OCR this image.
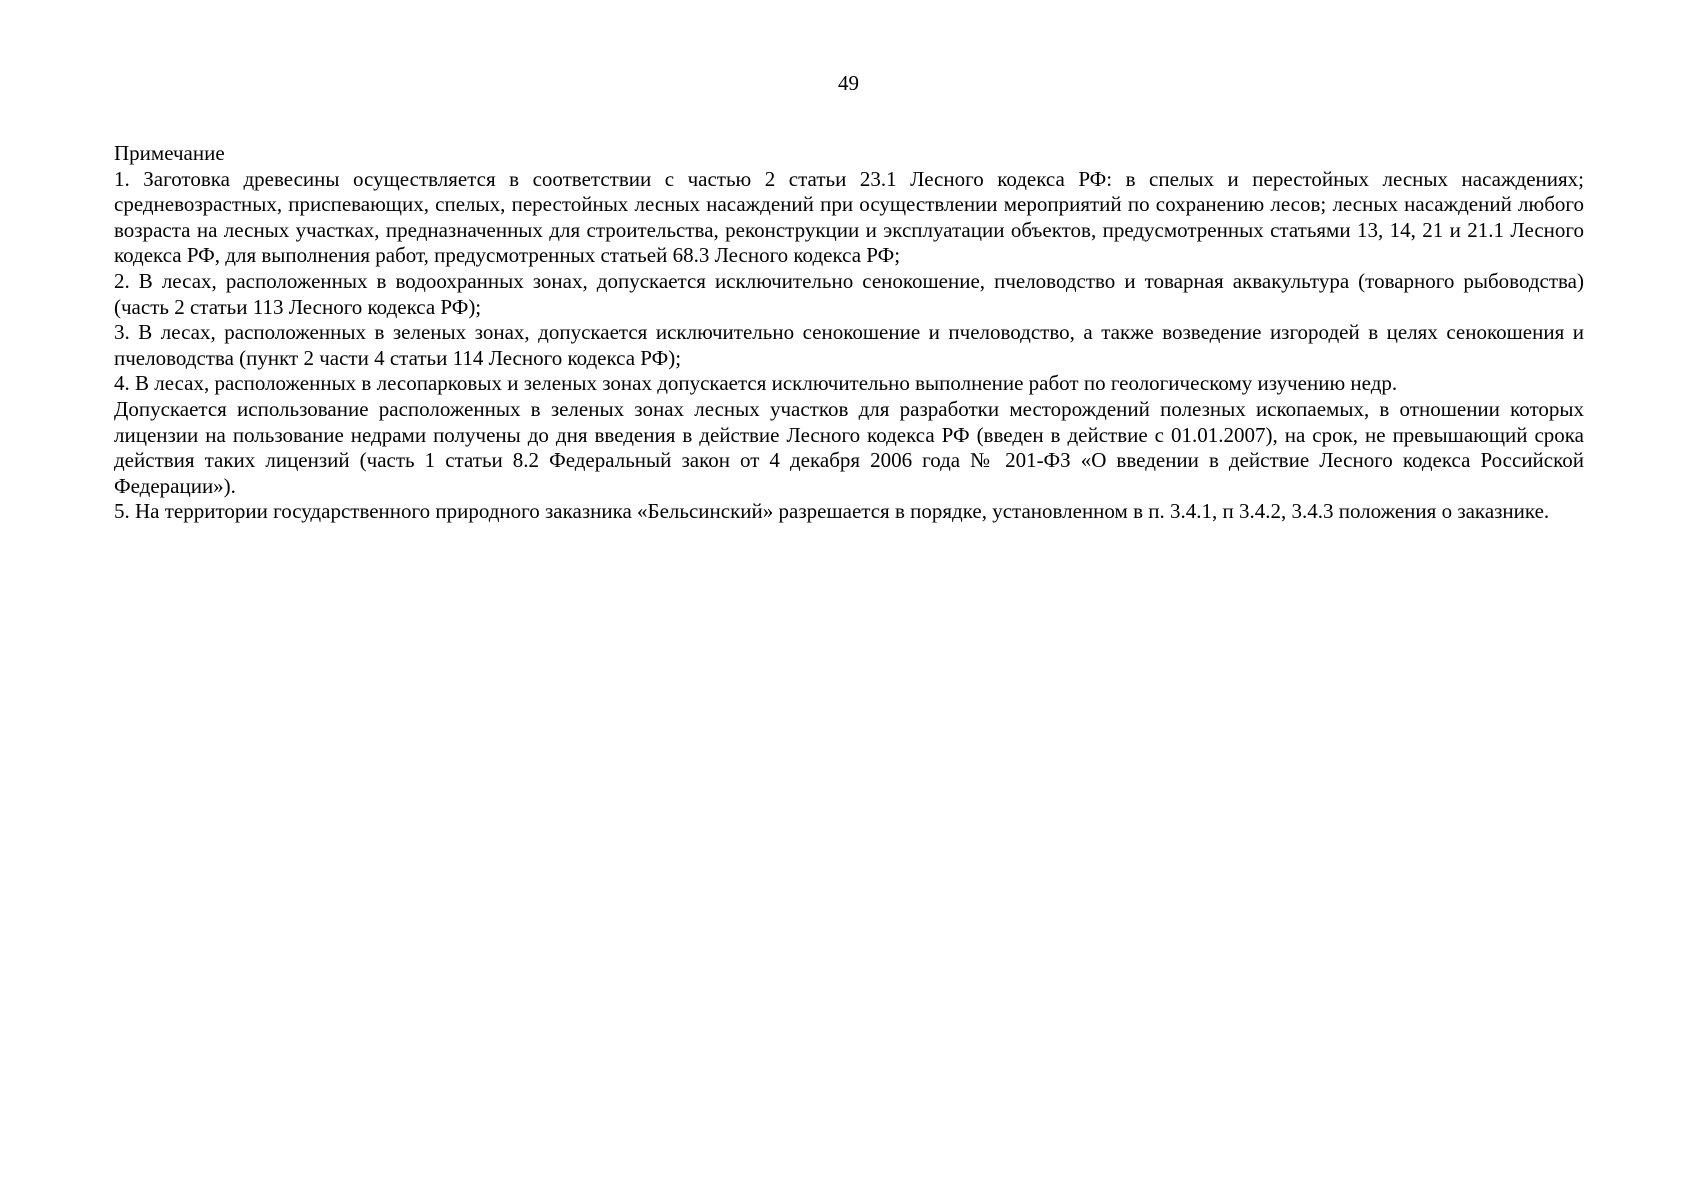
49

Примечание

1. Заготовка древесины осуществляется в соответствии с частью 2 статьи 23.1 Лесного кодекса РФ: в спелых и перестойных лесных насаждениях; средневозрастных, приспевающих, спелых, перестойных лесных насаждений при осуществлении мероприятий по сохранению лесов; лесных насаждений любого возраста на лесных участках, предназначенных для строительства, реконструкции и эксплуатации объектов, предусмотренных статьями 13, 14, 21 и 21.1 Лесного кодекса РФ, для выполнения работ, предусмотренных статьей 68.3 Лесного кодекса РФ;

2. В лесах, расположенных в водоохранных зонах, допускается исключительно сенокошение, пчеловодство и товарная аквакультура (товарного рыбоводства) (часть 2 статьи 113 Лесного кодекса РФ);

3. В лесах, расположенных в зеленых зонах, допускается исключительно сенокошение и пчеловодство, а также возведение изгородей в целях сенокошения и пчеловодства (пункт 2 части 4 статьи 114 Лесного кодекса РФ);

4. В лесах, расположенных в лесопарковых и зеленых зонах допускается исключительно выполнение работ по геологическому изучению недр.

Допускается использование расположенных в зеленых зонах лесных участков для разработки месторождений полезных ископаемых, в отношении которых лицензии на пользование недрами получены до дня введения в действие Лесного кодекса РФ (введен в действие с 01.01.2007), на срок, не превышающий срока действия таких лицензий (часть 1 статьи 8.2 Федеральный закон от 4 декабря 2006 года № 201-ФЗ «О введении в действие Лесного кодекса Российской Федерации»).

5. На территории государственного природного заказника «Бельсинский» разрешается в порядке, установленном в п. 3.4.1, п 3.4.2, 3.4.3 положения о заказнике.
